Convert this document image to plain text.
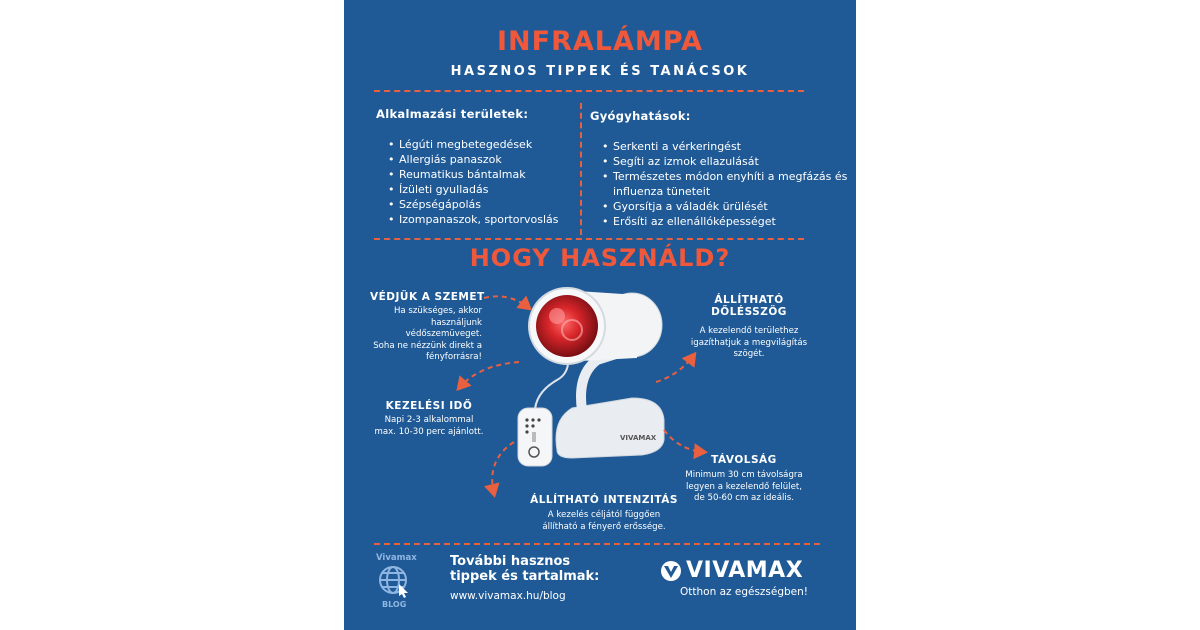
INFRALÁMPA
HASZNOS TIPPEK ÉS TANÁCSOK
Alkalmazási területek:
• Légúti megbetegedések
• Allergiás panaszok
• Reumatikus bántalmak
• Ízületi gyulladás
• Szépségápolás
• Izompanaszok, sportorvoslás
Gyógyhatások:
• Serkenti a vérkeringést
• Segíti az izmok ellazulását
• Természetes módon enyhíti a megfázás és influenza tüneteit
• Gyorsítja a váladék ürülését
• Erősíti az ellenállóképességet
HOGY HASZNÁLD?
VIVAMAX
VÉDJÜK A SZEMET
Ha szükséges, akkor
használjunk védőszemüveget.
Soha ne nézzünk direkt a
fényforrásra!
ÁLLÍTHATÓ
DŐLÉSSZÖG
A kezelendő területhez
igazíthatjuk a megvilágítás
szögét.
KEZELÉSI IDŐ
Napi 2-3 alkalommal
max. 10-30 perc ajánlott.
TÁVOLSÁG
Minimum 30 cm távolságra
legyen a kezelendő felület,
de 50-60 cm az ideális.
ÁLLÍTHATÓ INTENZITÁS
A kezelés céljától függően
állítható a fényerő erőssége.
Vivamax
BLOG
További hasznos
tippek és tartalmak:
www.vivamax.hu/blog
VIVAMAX
Otthon az egészségben!
